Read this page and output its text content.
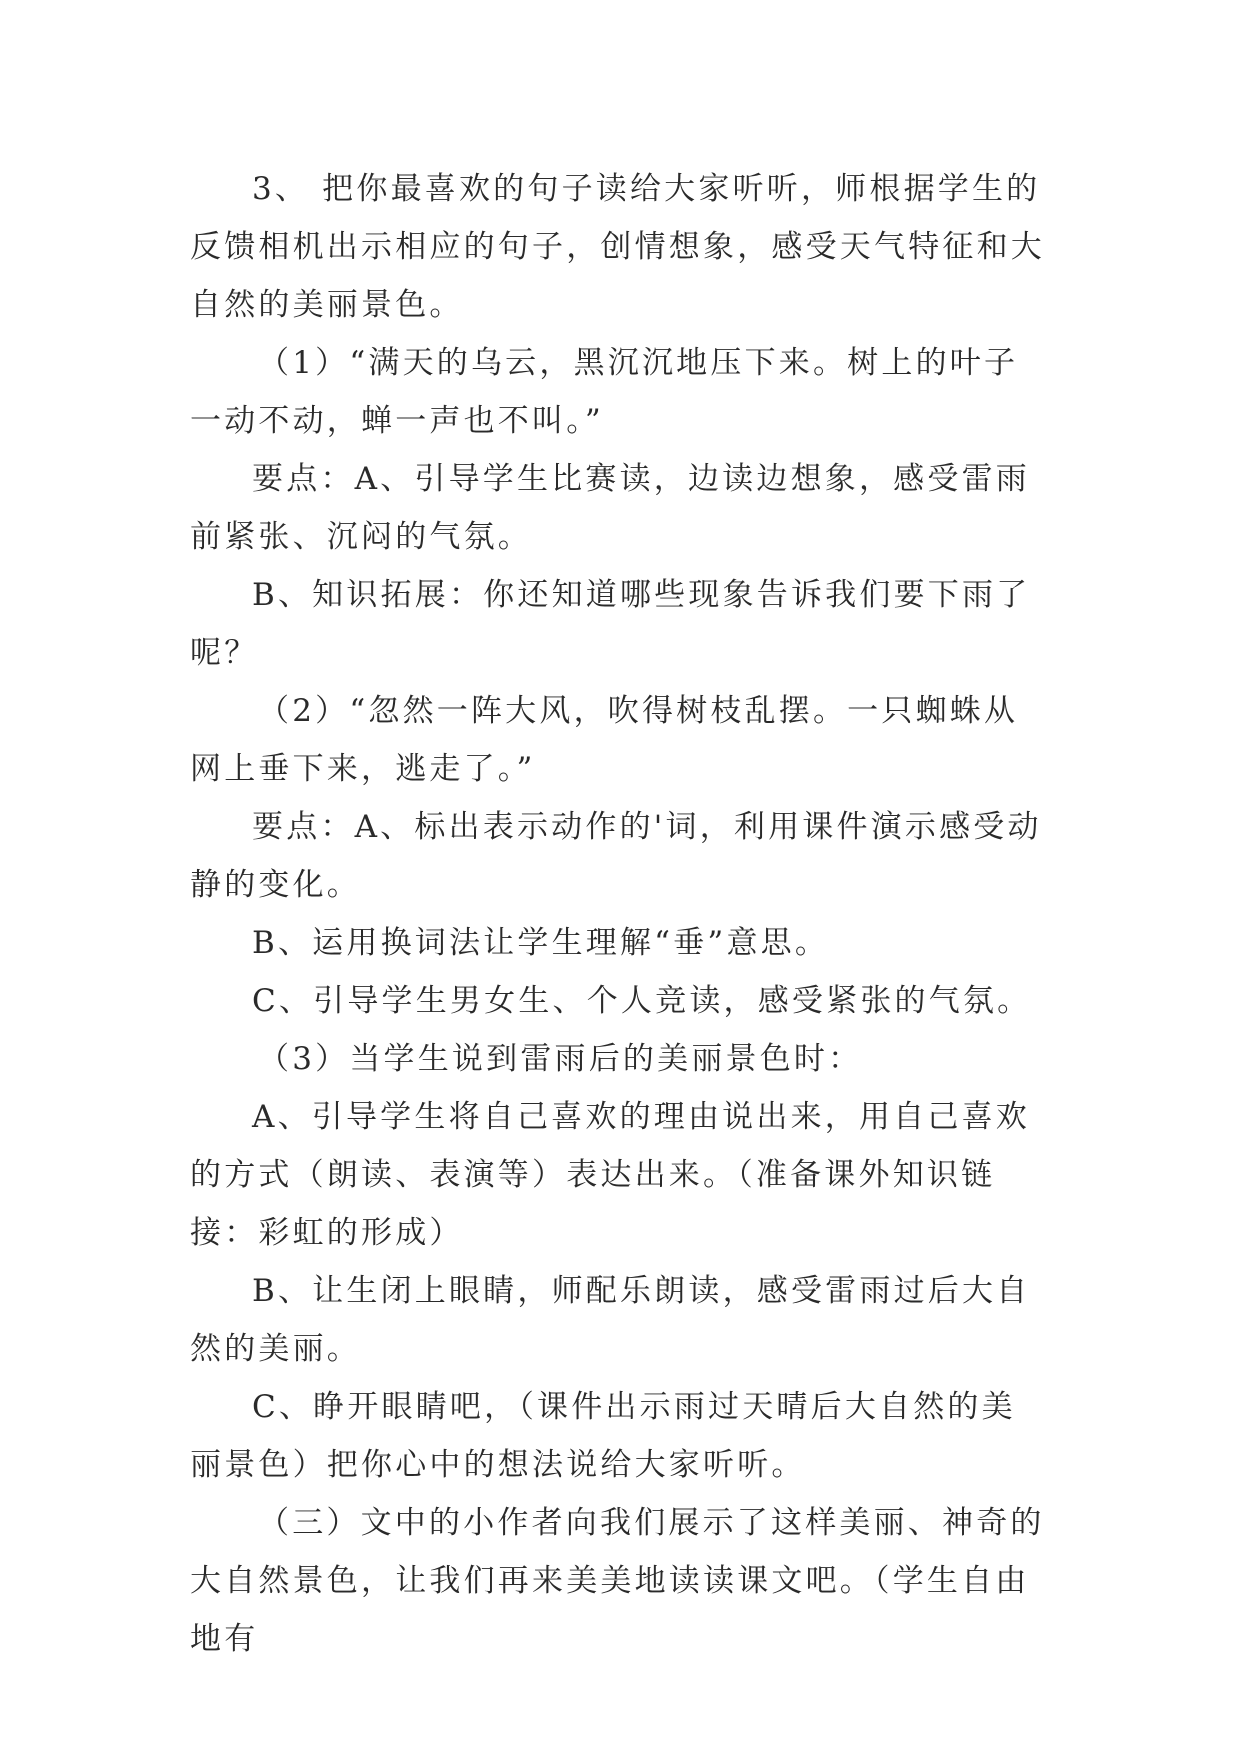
3、 把你最喜欢的句子读给大家听听，师根据学生的反馈相机出示相应的句子，创情想象，感受天气特征和大自然的美丽景色。

（1）“满天的乌云，黑沉沉地压下来。树上的叶子一动不动，蝉一声也不叫。”

要点：A、引导学生比赛读，边读边想象，感受雷雨前紧张、沉闷的气氛。

B、知识拓展：你还知道哪些现象告诉我们要下雨了呢？

（2）“忽然一阵大风，吹得树枝乱摆。一只蜘蛛从网上垂下来，逃走了。”

要点：A、标出表示动作的'词，利用课件演示感受动静的变化。

B、运用换词法让学生理解“垂”意思。

C、引导学生男女生、个人竞读，感受紧张的气氛。

（3）当学生说到雷雨后的美丽景色时：

A、引导学生将自己喜欢的理由说出来，用自己喜欢的方式（朗读、表演等）表达出来。（准备课外知识链接：彩虹的形成）

B、让生闭上眼睛，师配乐朗读，感受雷雨过后大自然的美丽。

C、睁开眼睛吧，（课件出示雨过天晴后大自然的美丽景色）把你心中的想法说给大家听听。

（三）文中的小作者向我们展示了这样美丽、神奇的大自然景色，让我们再来美美地读读课文吧。（学生自由地有
